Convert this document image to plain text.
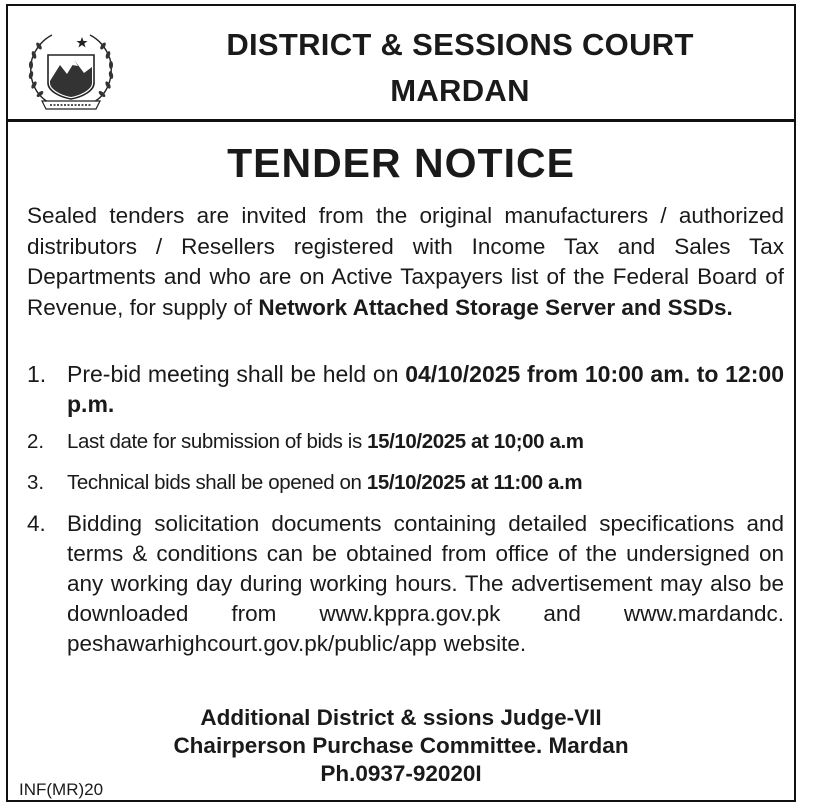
DISTRICT & SESSIONS COURT
MARDAN
TENDER NOTICE
Sealed tenders are invited from the original manufacturers / authorized distributors / Resellers registered with Income Tax and Sales Tax Departments and who are on Active Taxpayers list of the Federal Board of Revenue, for supply of Network Attached Storage Server and SSDs.
1. Pre-bid meeting shall be held on 04/10/2025 from 10:00 am. to 12:00 p.m.
2. Last date for submission of bids is 15/10/2025 at 10;00 a.m
3. Technical bids shall be opened on 15/10/2025 at 11:00 a.m
4. Bidding solicitation documents containing detailed specifications and terms & conditions can be obtained from office of the undersigned on any working day during working hours. The advertisement may also be downloaded from www.kppra.gov.pk and www.mardandc. peshawarhighcourt.gov.pk/public/app website.
Additional District & ssions Judge-VII
Chairperson Purchase Committee. Mardan
Ph.0937-92020I
INF(MR)20
